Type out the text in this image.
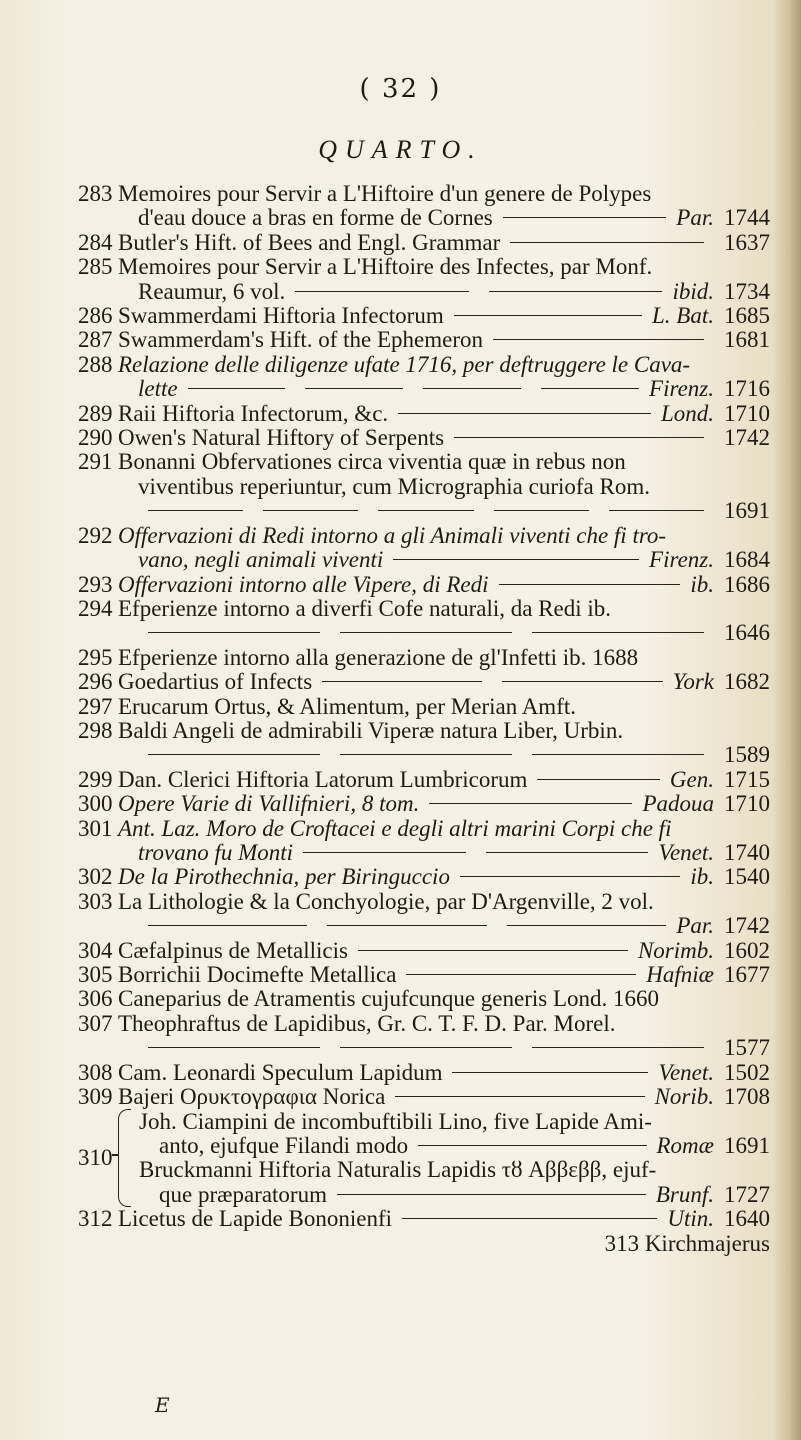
( 32 )
QUARTO.
283 Memoires pour Servir a L'Hiftoire d'un genere de Polypes
d'eau douce a bras en forme de Cornes	Par. 1744
284 Butler's Hift. of Bees and Engl. Grammar	1637
285 Memoires pour Servir a L'Hiftoire des Infectes, par Monf.
Reaumur, 6 vol.	ibid. 1734
286 Swammerdami Hiftoria Infectorum	L. Bat. 1685
287 Swammerdam's Hift. of the Ephemeron	1681
288 Relazione delle diligenze ufate 1716, per deftruggere le Cava-
lette	Firenz. 1716
289 Raii Hiftoria Infectorum, &c.	Lond. 1710
290 Owen's Natural Hiftory of Serpents	1742
291 Bonanni Obfervationes circa viventia quæ in rebus non
viventibus reperiuntur, cum Micrographia curiofa Rom.
1691
292 Offervazioni di Redi intorno a gli Animali viventi che fi tro-
vano, negli animali viventi	Firenz. 1684
293 Offervazioni intorno alle Vipere, di Redi	ib. 1686
294 Efperienze intorno a diverfi Cofe naturali, da Redi ib.
1646
295 Efperienze intorno alla generazione de gl'Infetti ib. 1688
296 Goedartius of Infects	York 1682
297 Erucarum Ortus, & Alimentum, per Merian Amft.
298 Baldi Angeli de admirabili Viperæ natura Liber, Urbin.
1589
299 Dan. Clerici Hiftoria Latorum Lumbricorum	Gen. 1715
300 Opere Varie di Vallifnieri, 8 tom.	Padoua 1710
301 Ant. Laz. Moro de Croftacei e degli altri marini Corpi che fi
trovano fu Monti	Venet. 1740
302 De la Pirothechnia, per Biringuccio	ib. 1540
303 La Lithologie & la Conchyologie, par D'Argenville, 2 vol.
Par. 1742
304 Cæfalpinus de Metallicis	Norimb. 1602
305 Borrichii Docimefte Metallica	Hafniæ 1677
306 Caneparius de Atramentis cujufcunque generis Lond. 1660
307 Theophraftus de Lapidibus, Gr. C. T. F. D. Par. Morel.
1577
308 Cam. Leonardi Speculum Lapidum	Venet. 1502
309 Bajeri Ορυκτογραφια Norica	Norib. 1708
310
Joh. Ciampini de incombuftibili Lino, five Lapide Ami-
anto, ejufque Filandi modo	Romæ 1691
Bruckmanni Hiftoria Naturalis Lapidis τȣ Αββεββ, ejuf-
que præparatorum	Brunf. 1727
312 Licetus de Lapide Bononienfi	Utin. 1640
313 Kirchmajerus
E
